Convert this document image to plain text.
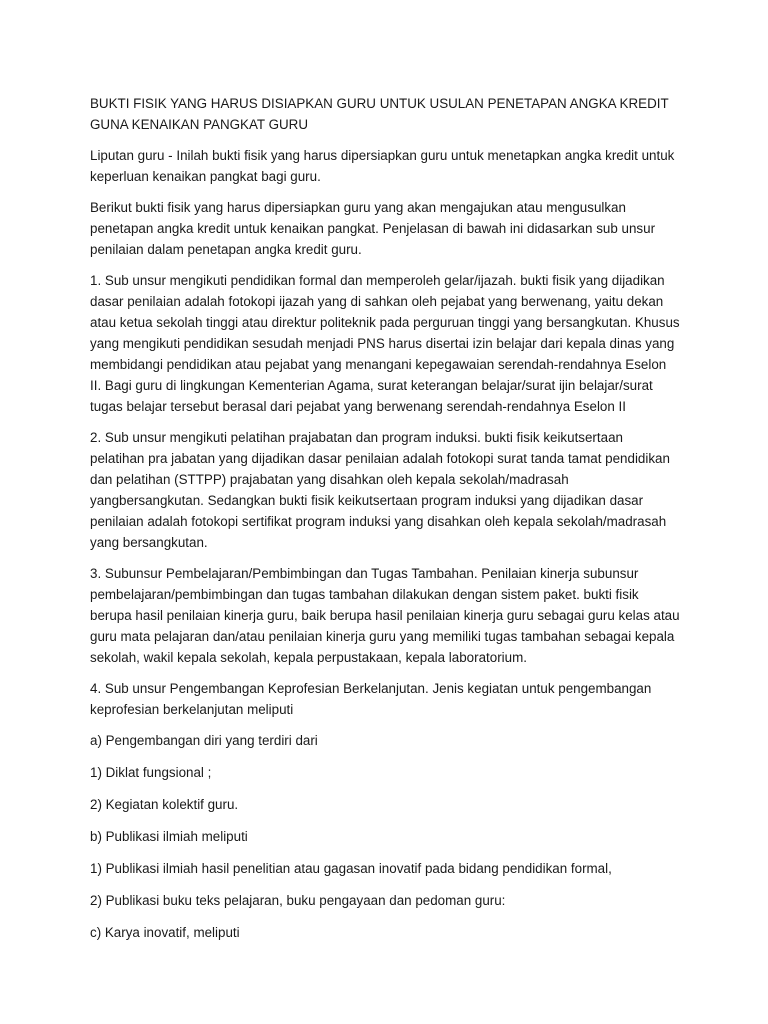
BUKTI FISIK YANG HARUS DISIAPKAN GURU UNTUK USULAN PENETAPAN ANGKA KREDIT GUNA KENAIKAN PANGKAT GURU

Liputan guru - Inilah bukti fisik yang harus dipersiapkan guru untuk menetapkan angka kredit untuk keperluan kenaikan pangkat bagi guru.

Berikut bukti fisik yang harus dipersiapkan guru yang akan mengajukan atau mengusulkan penetapan angka kredit untuk kenaikan pangkat. Penjelasan di bawah ini didasarkan sub unsur penilaian dalam penetapan angka kredit guru.

1. Sub unsur mengikuti pendidikan formal dan memperoleh gelar/ijazah. bukti fisik yang dijadikan dasar penilaian adalah fotokopi ijazah yang di sahkan oleh pejabat yang berwenang, yaitu dekan atau ketua sekolah tinggi atau direktur politeknik pada perguruan tinggi yang bersangkutan. Khusus yang mengikuti pendidikan sesudah menjadi PNS harus disertai izin belajar dari kepala dinas yang membidangi pendidikan atau pejabat yang menangani kepegawaian serendah-rendahnya Eselon II. Bagi guru di lingkungan Kementerian Agama, surat keterangan belajar/surat ijin belajar/surat tugas belajar tersebut berasal dari pejabat yang berwenang serendah-rendahnya Eselon II

2. Sub unsur mengikuti pelatihan prajabatan dan program induksi. bukti fisik keikutsertaan pelatihan pra jabatan yang dijadikan dasar penilaian adalah fotokopi surat tanda tamat pendidikan dan pelatihan (STTPP) prajabatan yang disahkan oleh kepala sekolah/madrasah yangbersangkutan. Sedangkan bukti fisik keikutsertaan program induksi yang dijadikan dasar penilaian adalah fotokopi sertifikat program induksi yang disahkan oleh kepala sekolah/madrasah yang bersangkutan.

3. Subunsur Pembelajaran/Pembimbingan dan Tugas Tambahan. Penilaian kinerja subunsur pembelajaran/pembimbingan dan tugas tambahan dilakukan dengan sistem paket. bukti fisik berupa hasil penilaian kinerja guru, baik berupa hasil penilaian kinerja guru sebagai guru kelas atau guru mata pelajaran dan/atau penilaian kinerja guru yang memiliki tugas tambahan sebagai kepala sekolah, wakil kepala sekolah, kepala perpustakaan, kepala laboratorium.

4. Sub unsur Pengembangan Keprofesian Berkelanjutan. Jenis kegiatan untuk pengembangan keprofesian berkelanjutan meliputi

a) Pengembangan diri yang terdiri dari

1) Diklat fungsional ;

2) Kegiatan kolektif guru.

b) Publikasi ilmiah meliputi

1) Publikasi ilmiah hasil penelitian atau gagasan inovatif pada bidang pendidikan formal,

2) Publikasi buku teks pelajaran, buku pengayaan dan pedoman guru:

c) Karya inovatif, meliputi
